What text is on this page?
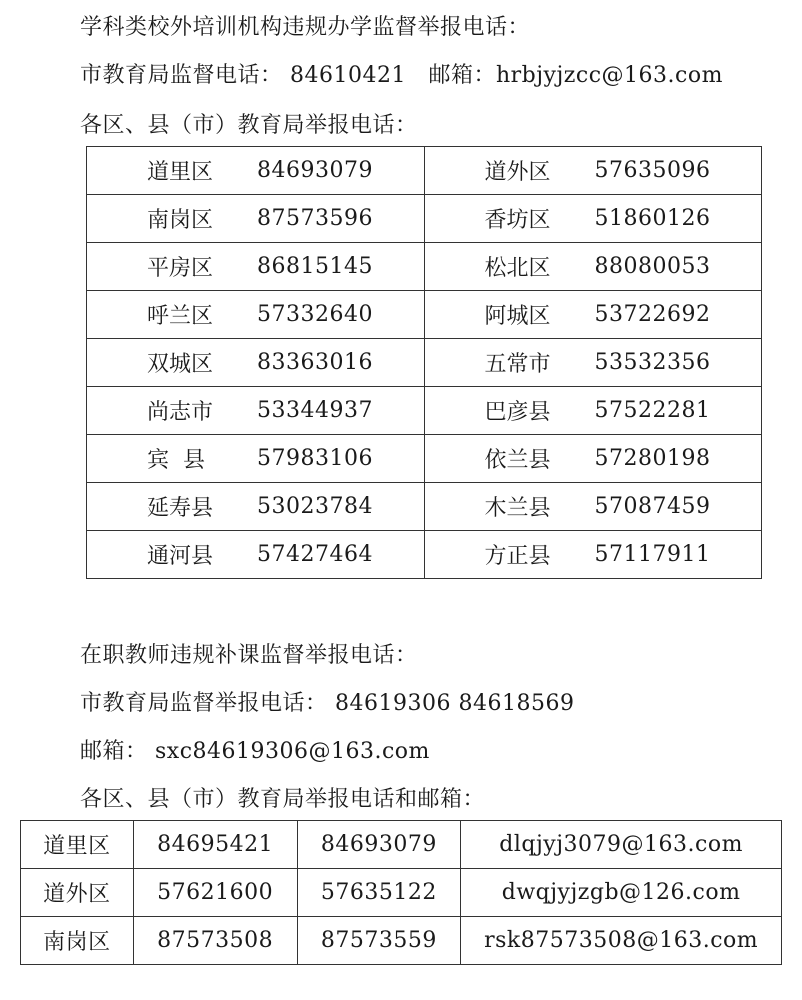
学科类校外培训机构违规办学监督举报电话：
市教育局监督电话： 84610421   邮箱：hrbjyjzcc@163.com
各区、县（市）教育局举报电话：
道里区 84693079	道外区 57635096

南岗区 87573596	香坊区 51860126

平房区 86815145	松北区 88080053

呼兰区 57332640	阿城区 53722692

双城区 83363016	五常市 53532356

尚志市 53344937	巴彦县 57522281

宾  县 57983106	依兰县 57280198

延寿县 53023784	木兰县 57087459

通河县 57427464	方正县 57117911
在职教师违规补课监督举报电话：
市教育局监督举报电话： 84619306 84618569
邮箱： sxc84619306@163.com
各区、县（市）教育局举报电话和邮箱：
道里区	84695421	84693079	dlqjyj3079@163.com
道外区	57621600	57635122	dwqjyjzgb@126.com
南岗区	87573508	87573559	rsk87573508@163.com
